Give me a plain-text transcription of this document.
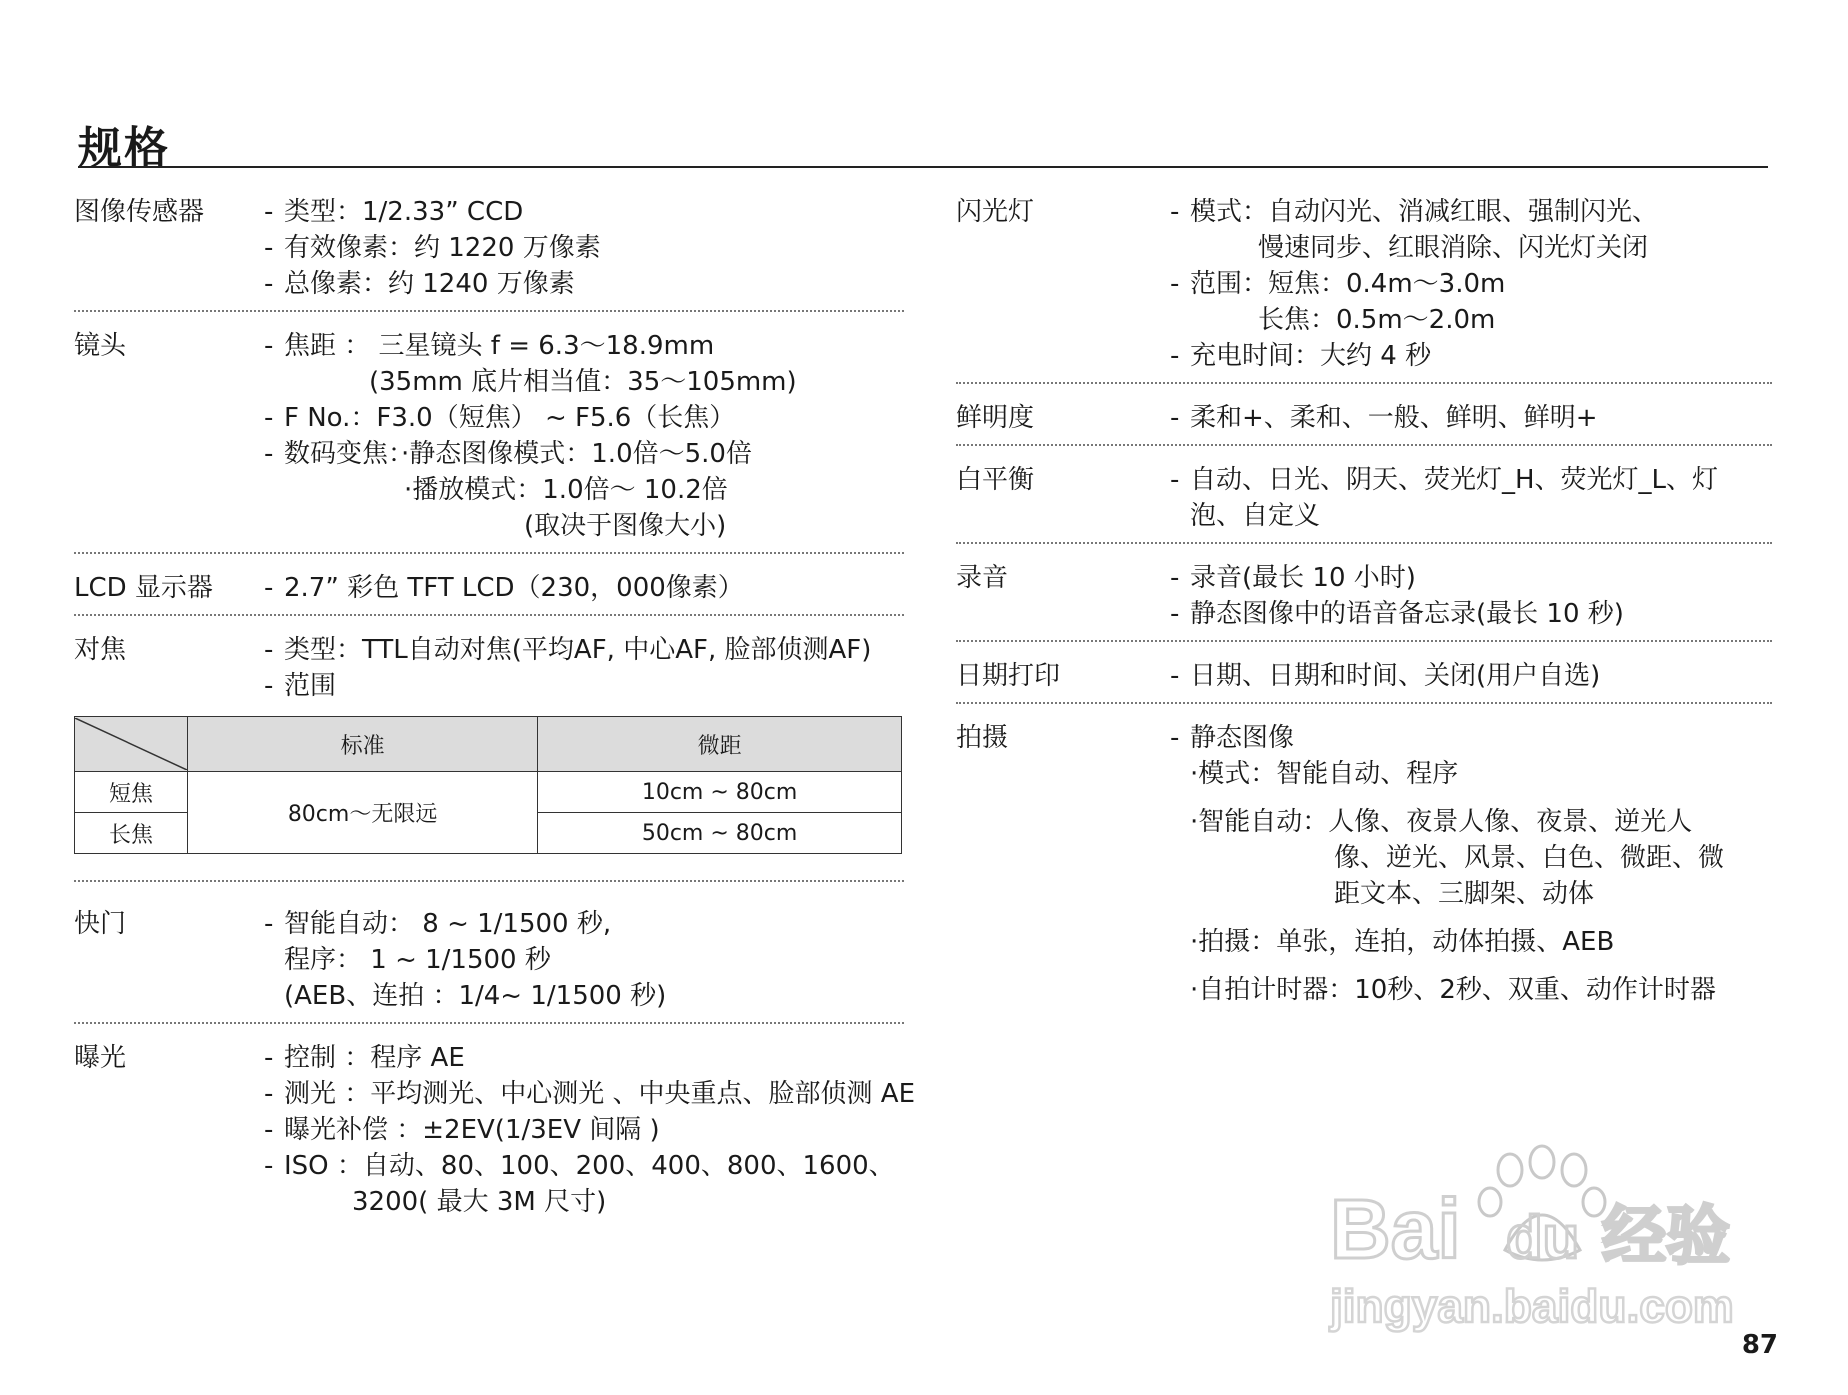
规格
图像传感器 - 类型：1/2.33” CCD
- 有效像素：约 1220 万像素
- 总像素：约 1240 万像素
镜头	- 焦距 ： 三星镜头 f = 6.3～18.9mm
(35mm 底片相当值：35～105mm)
- F No.：F3.0（短焦） ~ F5.6（长焦）
- 数码变焦：·静态图像模式：1.0倍～5.0倍
·播放模式：1.0倍～ 10.2倍
(取决于图像大小)
LCD 显示器 - 2.7” 彩色 TFT LCD（230，000像素）
对焦	- 类型：TTL自动对焦(平均AF, 中心AF, 脸部侦测AF)
- 范围
	标准	微距
短焦	80cm～无限远	10cm ~ 80cm
长焦		50cm ~ 80cm
快门	- 智能自动： 8 ~ 1/1500 秒,
程序： 1 ~ 1/1500 秒
(AEB、连拍 ：1/4~ 1/1500 秒)
曝光	- 控制 ：程序 AE
- 测光 ：平均测光、中心测光 、中央重点、脸部侦测 AE
- 曝光补偿 ：±2EV(1/3EV 间隔 )
- ISO ：自动、80、100、200、400、800、1600、
3200( 最大 3M 尺寸)
闪光灯	- 模式：自动闪光、消减红眼、强制闪光、
慢速同步、红眼消除、闪光灯关闭
- 范围：短焦：0.4m～3.0m
长焦：0.5m～2.0m
- 充电时间：大约 4 秒
鲜明度	- 柔和+、柔和、一般、鲜明、鲜明+
白平衡	- 自动、日光、阴天、荧光灯_H、荧光灯_L、灯
泡、自定义
录音	- 录音(最长 10 小时)
- 静态图像中的语音备忘录(最长 10 秒)
日期打印	- 日期、日期和时间、关闭(用户自选)
拍摄	- 静态图像
·模式：智能自动、程序
·智能自动：人像、夜景人像、夜景、逆光人
像、逆光、风景、白色、微距、微
距文本、三脚架、动体
·拍摄：单张，连拍，动体拍摄、AEB
·自拍计时器：10秒、2秒、双重、动作计时器
Bai du 经验
jingyan.baidu.com
87
